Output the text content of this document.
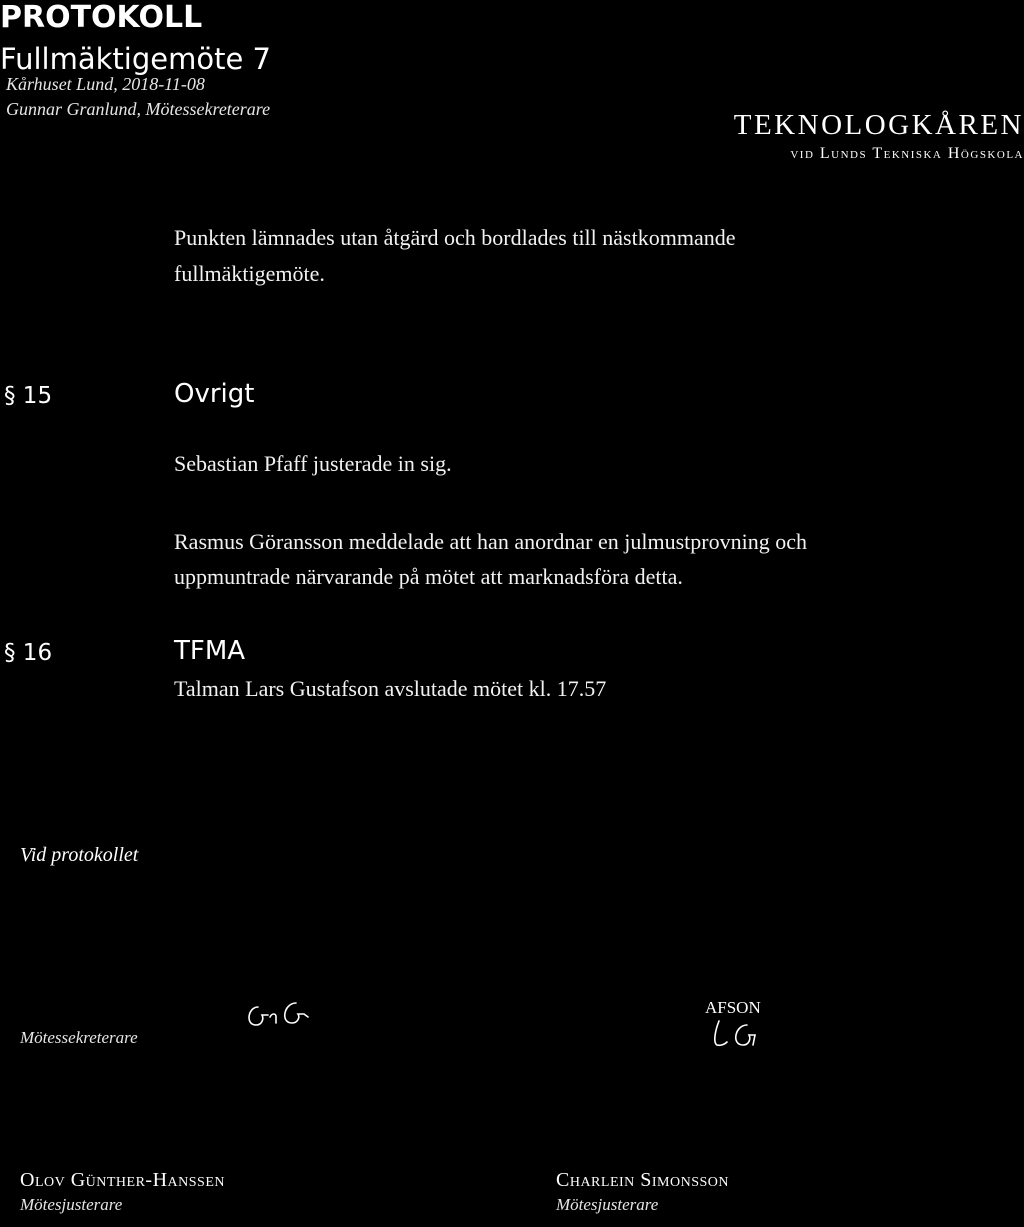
PROTOKOLL
Fullmäktigemöte 7
Kårhuset Lund, 2018-11-08
Gunnar Granlund, Mötessekreterare	TEKNOLOGKÅREN
vid Lunds Tekniska Högskola
Punkten lämnades utan åtgärd och bordlades till nästkommande
fullmäktigemöte.
§ 15	Ovrigt
Sebastian Pfaff justerade in sig.
Rasmus Göransson meddelade att han anordnar en julmustprovning och
uppmuntrade närvarande på mötet att marknadsföra detta.
§ 16	TFMA
Talman Lars Gustafson avslutade mötet kl. 17.57
Vid protokollet
Mötessekreterare
AFSON
Olov Günther-Hanssen
Mötesjusterare
Charlein Simonsson
Mötesjusterare
